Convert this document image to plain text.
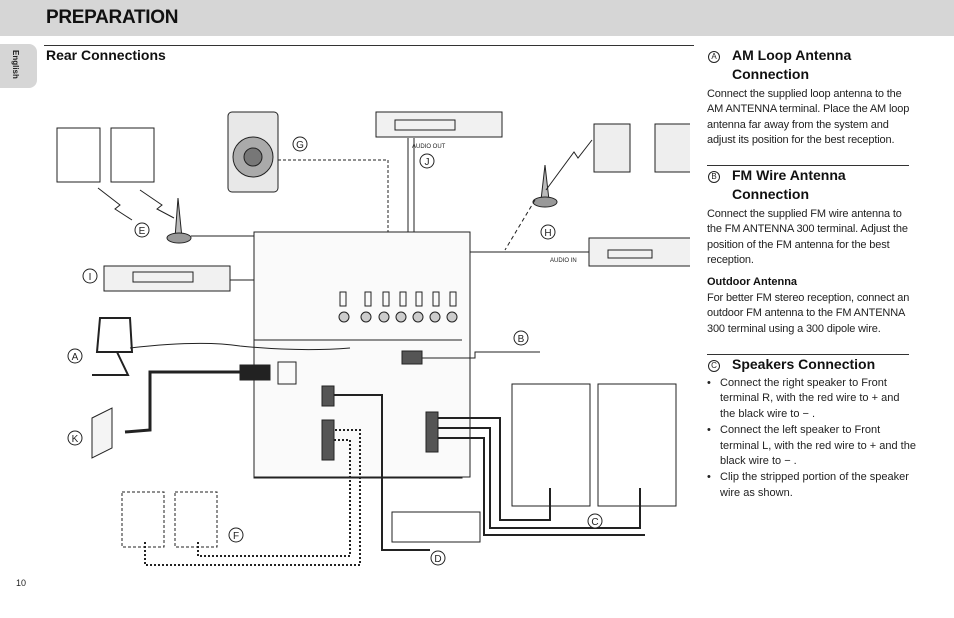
PREPARATION
English Rear Connections
A
B
C
D
E
F
G
H
I
J
K
AUDIO OUT
AUDIO IN
A AM Loop Antenna Connection
Connect the supplied loop antenna to the AM ANTENNA terminal. Place the AM loop antenna far away from the system and adjust its position for the best reception.
B FM Wire Antenna Connection
Connect the supplied FM wire antenna to the FM ANTENNA 300 terminal. Adjust the position of the FM antenna for the best reception.
Outdoor Antenna
For better FM stereo reception, connect an outdoor FM antenna to the FM ANTENNA 300 terminal using a 300 dipole wire.
C Speakers Connection
• Connect the right speaker to Front terminal R, with the red wire to + and the black wire to − .
• Connect the left speaker to Front terminal L, with the red wire to + and the black wire to − .
• Clip the stripped portion of the speaker wire as shown.
10
